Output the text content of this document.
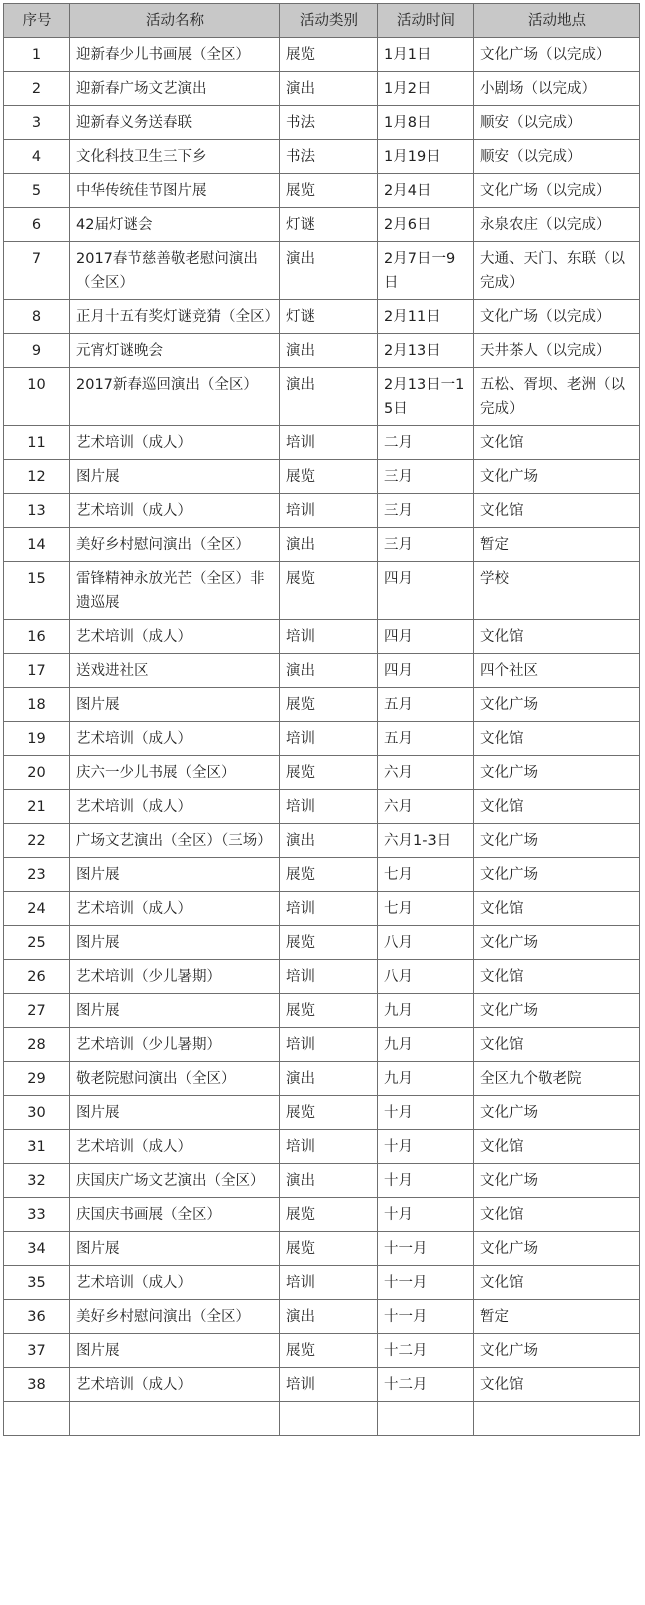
序号	活动名称	活动类别	活动时间	活动地点
1	迎新春少儿书画展（全区）	展览	1月1日	文化广场（以完成）
2	迎新春广场文艺演出	演出	1月2日	小剧场（以完成）
3	迎新春义务送春联	书法	1月8日	顺安（以完成）
4	文化科技卫生三下乡	书法	1月19日	顺安（以完成）
5	中华传统佳节图片展	展览	2月4日	文化广场（以完成）
6	42届灯谜会	灯谜	2月6日	永泉农庄（以完成）
7	2017春节慈善敬老慰问演出（全区）	演出	2月7日一9日	大通、天门、东联（以完成）
8	正月十五有奖灯谜竞猜（全区）	灯谜	2月11日	文化广场（以完成）
9	元宵灯谜晚会	演出	2月13日	天井茶人（以完成）
10	2017新春巡回演出（全区）	演出	2月13日一15日	五松、胥坝、老洲（以完成）
11	艺术培训（成人）	培训	二月	文化馆
12	图片展	展览	三月	文化广场
13	艺术培训（成人）	培训	三月	文化馆
14	美好乡村慰问演出（全区）	演出	三月	暂定
15	雷锋精神永放光芒（全区）非遗巡展	展览	四月	学校
16	艺术培训（成人）	培训	四月	文化馆
17	送戏进社区	演出	四月	四个社区
18	图片展	展览	五月	文化广场
19	艺术培训（成人）	培训	五月	文化馆
20	庆六一少儿书展（全区）	展览	六月	文化广场
21	艺术培训（成人）	培训	六月	文化馆
22	广场文艺演出（全区）（三场）	演出	六月1-3日	文化广场
23	图片展	展览	七月	文化广场
24	艺术培训（成人）	培训	七月	文化馆
25	图片展	展览	八月	文化广场
26	艺术培训（少儿暑期）	培训	八月	文化馆
27	图片展	展览	九月	文化广场
28	艺术培训（少儿暑期）	培训	九月	文化馆
29	敬老院慰问演出（全区）	演出	九月	全区九个敬老院
30	图片展	展览	十月	文化广场
31	艺术培训（成人）	培训	十月	文化馆
32	庆国庆广场文艺演出（全区）	演出	十月	文化广场
33	庆国庆书画展（全区）	展览	十月	文化馆
34	图片展	展览	十一月	文化广场
35	艺术培训（成人）	培训	十一月	文化馆
36	美好乡村慰问演出（全区）	演出	十一月	暂定
37	图片展	展览	十二月	文化广场
38	艺术培训（成人）	培训	十二月	文化馆
